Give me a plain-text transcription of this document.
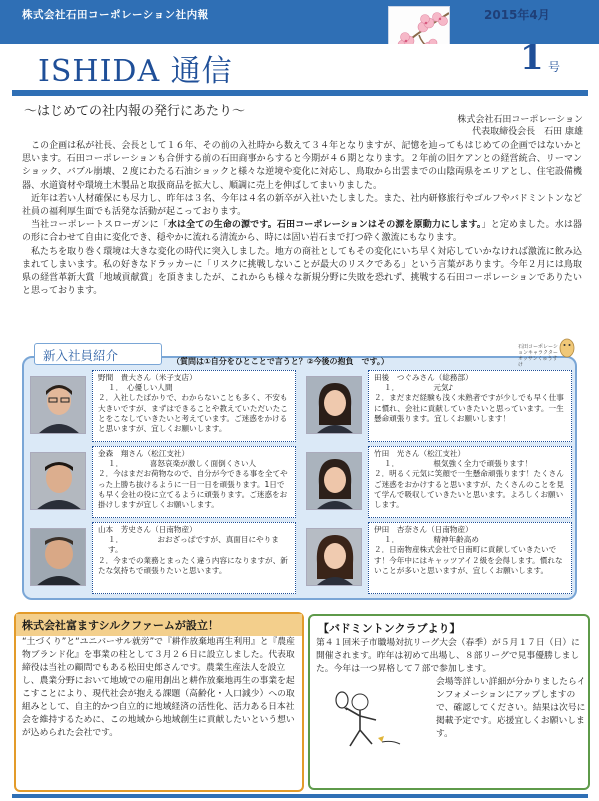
株式会社石田コーポレーション社内報	2015年4月
ISHIDA 通信	1 号
～はじめての社内報の発行にあたり～
株式会社石田コーポレーション
代表取締役会長　石田 康雄

この企画は私が社長、会長として１６年、その前の入社時から数えて３４年となりますが、記憶を辿ってもはじめての企画ではないかと思います。石田コーポレーションも合併する前の石田商事からすると今期が４６期となります。２年前の旧ケアンとの経営統合、リーマンショック、バブル崩壊、２度にわたる石油ショックと様々な逆境や変化に対応し、鳥取から出雲までの山陰両県をエリアとし、住宅設備機器、水道資材や環境土木製品と取扱商品を拡大し、順調に売上を伸ばしてまいりました。

近年は若い人材確保にも尽力し、昨年は３名、今年は４名の新卒が入社いたしました。また、社内研修旅行やゴルフやバドミントンなど社員の福利厚生面でも活発な活動が起こっております。

当社コーポレートスローガンに「水は全ての生命の源です。石田コーポレーションはその源を原動力にします。」と定めました。水は器の形に合わせて自由に変化でき、穏やかに流れる清流から、時には固い岩石まで打つ砕く激流にもなります。

私たちを取り巻く環境は大きな変化の時代に突入しました。地方の商社としてもその変化にいち早く対応していかなければ激流に飲み込まれてしまいます。私の好きなドラッカーに「リスクに挑戦しないことが最大のリスクである」という言葉があります。今年２月には鳥取県の経営革新大賞「地域貢献賞」を頂きましたが、これからも様々な新規分野に失敗を恐れず、挑戦する石田コーポレーションでありたいと思っております。

新入社員紹介	（質問は①自分をひとことで言うと？②今後の抱負　です。）
石田コーポレーションキャラクター オッサンくゅうすけ
野間　貴大さん（米子支店）
１．　心優しい人間
２．入社したばかりで、わからないことも多く、不安も大きいですが、まずはできることや教えていただいたことをこなしていきたいと考えています。ご迷惑をかけると思いますが、宜しくお願いします。
田後　つぐみさん（総務部）
１．　　　　　元気♪
２．まだまだ経験も浅く未熟者ですが少しでも早く仕事に慣れ、会社に貢献していきたいと思っています。一生懸命頑張ります。宜しくお願いします！
金森　翔さん（松江支社）
１．　　　　喜怒哀楽が激しく面倒くさい人
２．今はまだお荷物なので、自分が今できる事を全てやった上勝ち抜けるように一日一日を頑張ります。1日でも早く会社の役に立てるように頑張ります。ご迷惑をお掛けしますが宜しくお願いします。
竹田　光さん（松江支社）
１．　　　　　根気強く全力で頑張ります！
２．明るく元気に笑顔で一生懸命頑張ります！たくさんご迷惑をおかけすると思いますが、たくさんのことを見て学んで吸収していきたいと思います。よろしくお願いします。
山本　芳史さん（日南物産）
１．　　　　　おおざっぱですが、真面目にやります。
２．今までの業務とまったく違う内容になりますが、新たな気持ちで頑張りたいと思います。
伊田　杏奈さん（日南物産）
１．　　　　　精神年齢高め
２．日南物産株式会社で日南町に貢献していきたいです！今年中にはキャッツアイ２級を会得します。慣れないことが多いと思いますが、宜しくお願いします。
株式会社富ますシルクファームが設立！
“土づくり”と“ユニバーサル就労”で『耕作放棄地再生利用』と『農産物ブランド化』を事業の柱として３月２６日に設立しました。代表取締役は当社の顧問でもある松田史郎さんです。農業生産法人を設立し、農業分野において地域での雇用創出と耕作放棄地再生の事業を起こすことにより、現代社会が抱える課題（高齢化・人口減少）への取組みとして、自主的かつ自立的に地域経済の活性化、活力ある日本社会を維持するために、この地域から地域創生に貢献したいという想いが込められた会社です。
【バドミントンクラブより】
第４１回米子市職場対抗リーグ大会（春季）が５月１７日（日）に開催されます。昨年は初めて出場し、８部リーグで見事優勝しました。今年は一つ昇格して７部で参加します。
会場等詳しい詳細が分かりましたらインフォメーションにアップしますので、確認してください。結果は次号に掲載予定です。応援宜しくお願いします。
